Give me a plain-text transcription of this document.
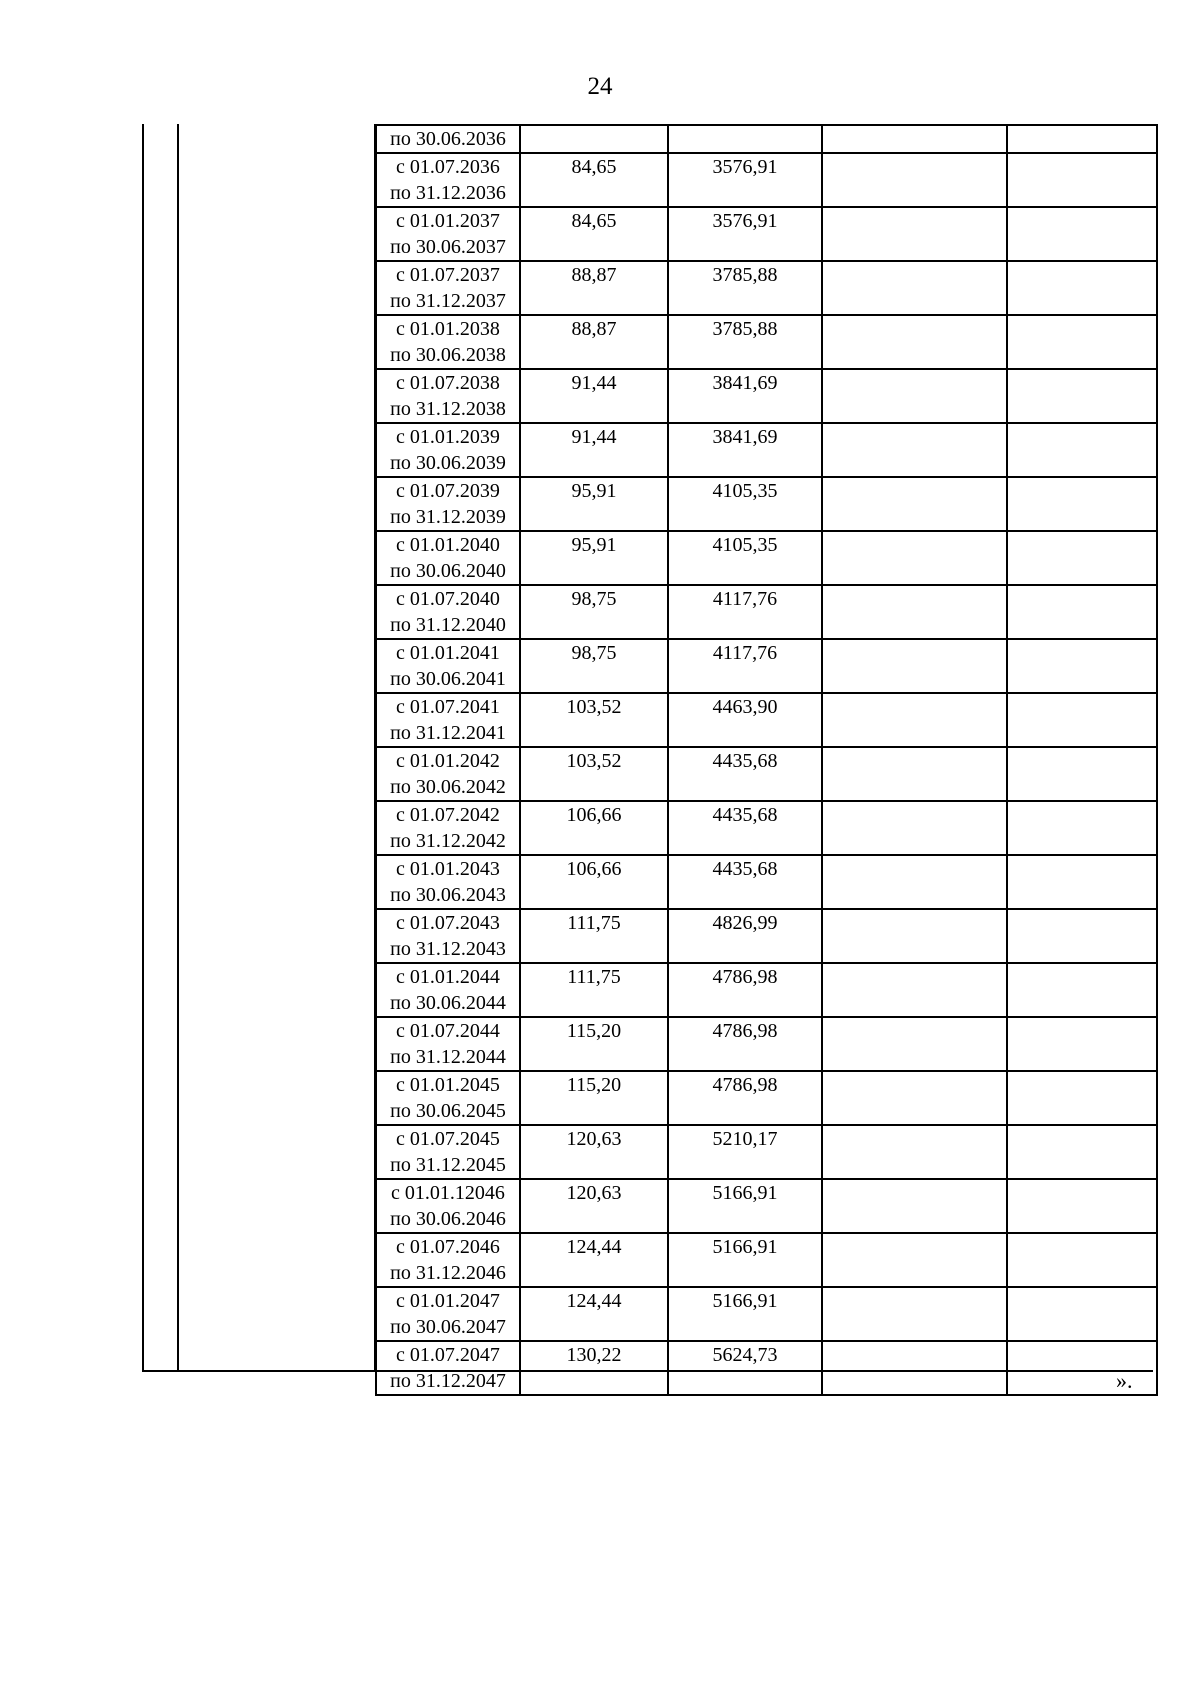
24
по 30.06.2036				

с 01.07.2036
по 31.12.2036	84,65	3576,91		

с 01.01.2037
по 30.06.2037	84,65	3576,91		

с 01.07.2037
по 31.12.2037	88,87	3785,88		

с 01.01.2038
по 30.06.2038	88,87	3785,88		

с 01.07.2038
по 31.12.2038	91,44	3841,69		

с 01.01.2039
по 30.06.2039	91,44	3841,69		

с 01.07.2039
по 31.12.2039	95,91	4105,35		

с 01.01.2040
по 30.06.2040	95,91	4105,35		

с 01.07.2040
по 31.12.2040	98,75	4117,76		

с 01.01.2041
по 30.06.2041	98,75	4117,76		

с 01.07.2041
по 31.12.2041	103,52	4463,90		

с 01.01.2042
по 30.06.2042	103,52	4435,68		

с 01.07.2042
по 31.12.2042	106,66	4435,68		

с 01.01.2043
по 30.06.2043	106,66	4435,68		

с 01.07.2043
по 31.12.2043	111,75	4826,99		

с 01.01.2044
по 30.06.2044	111,75	4786,98		

с 01.07.2044
по 31.12.2044	115,20	4786,98		

с 01.01.2045
по 30.06.2045	115,20	4786,98		

с 01.07.2045
по 31.12.2045	120,63	5210,17		

с 01.01.12046
по 30.06.2046	120,63	5166,91		

с 01.07.2046
по 31.12.2046	124,44	5166,91		

с 01.01.2047
по 30.06.2047	124,44	5166,91		

с 01.07.2047
по 31.12.2047	130,22	5624,73		
».
